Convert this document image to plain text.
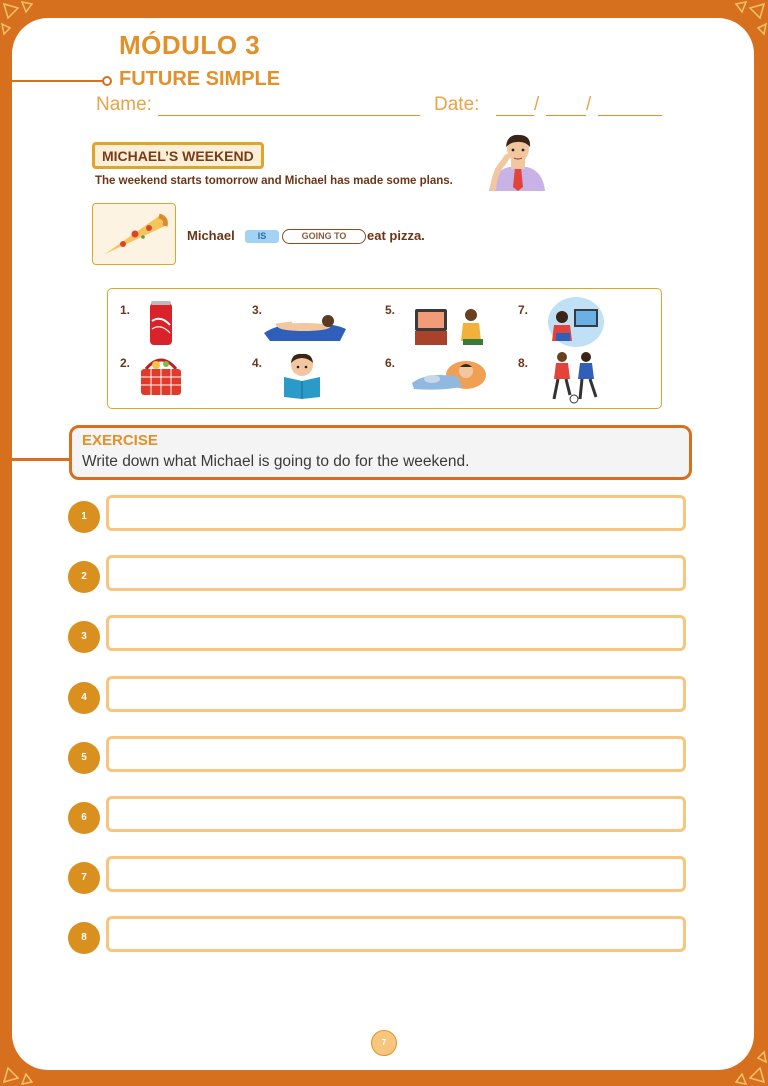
MÓDULO 3
FUTURE SIMPLE
Name:	Date:	/ /
MICHAEL’S WEEKEND
The weekend starts tomorrow and Michael has made some plans.
Michael	IS	GOING TO	eat pizza.
1.	3.	5.	7.
2.	4.	6.	8.
EXERCISE
Write down what Michael is going to do for the weekend.
1
2
3
4
5
6
7
8
7
